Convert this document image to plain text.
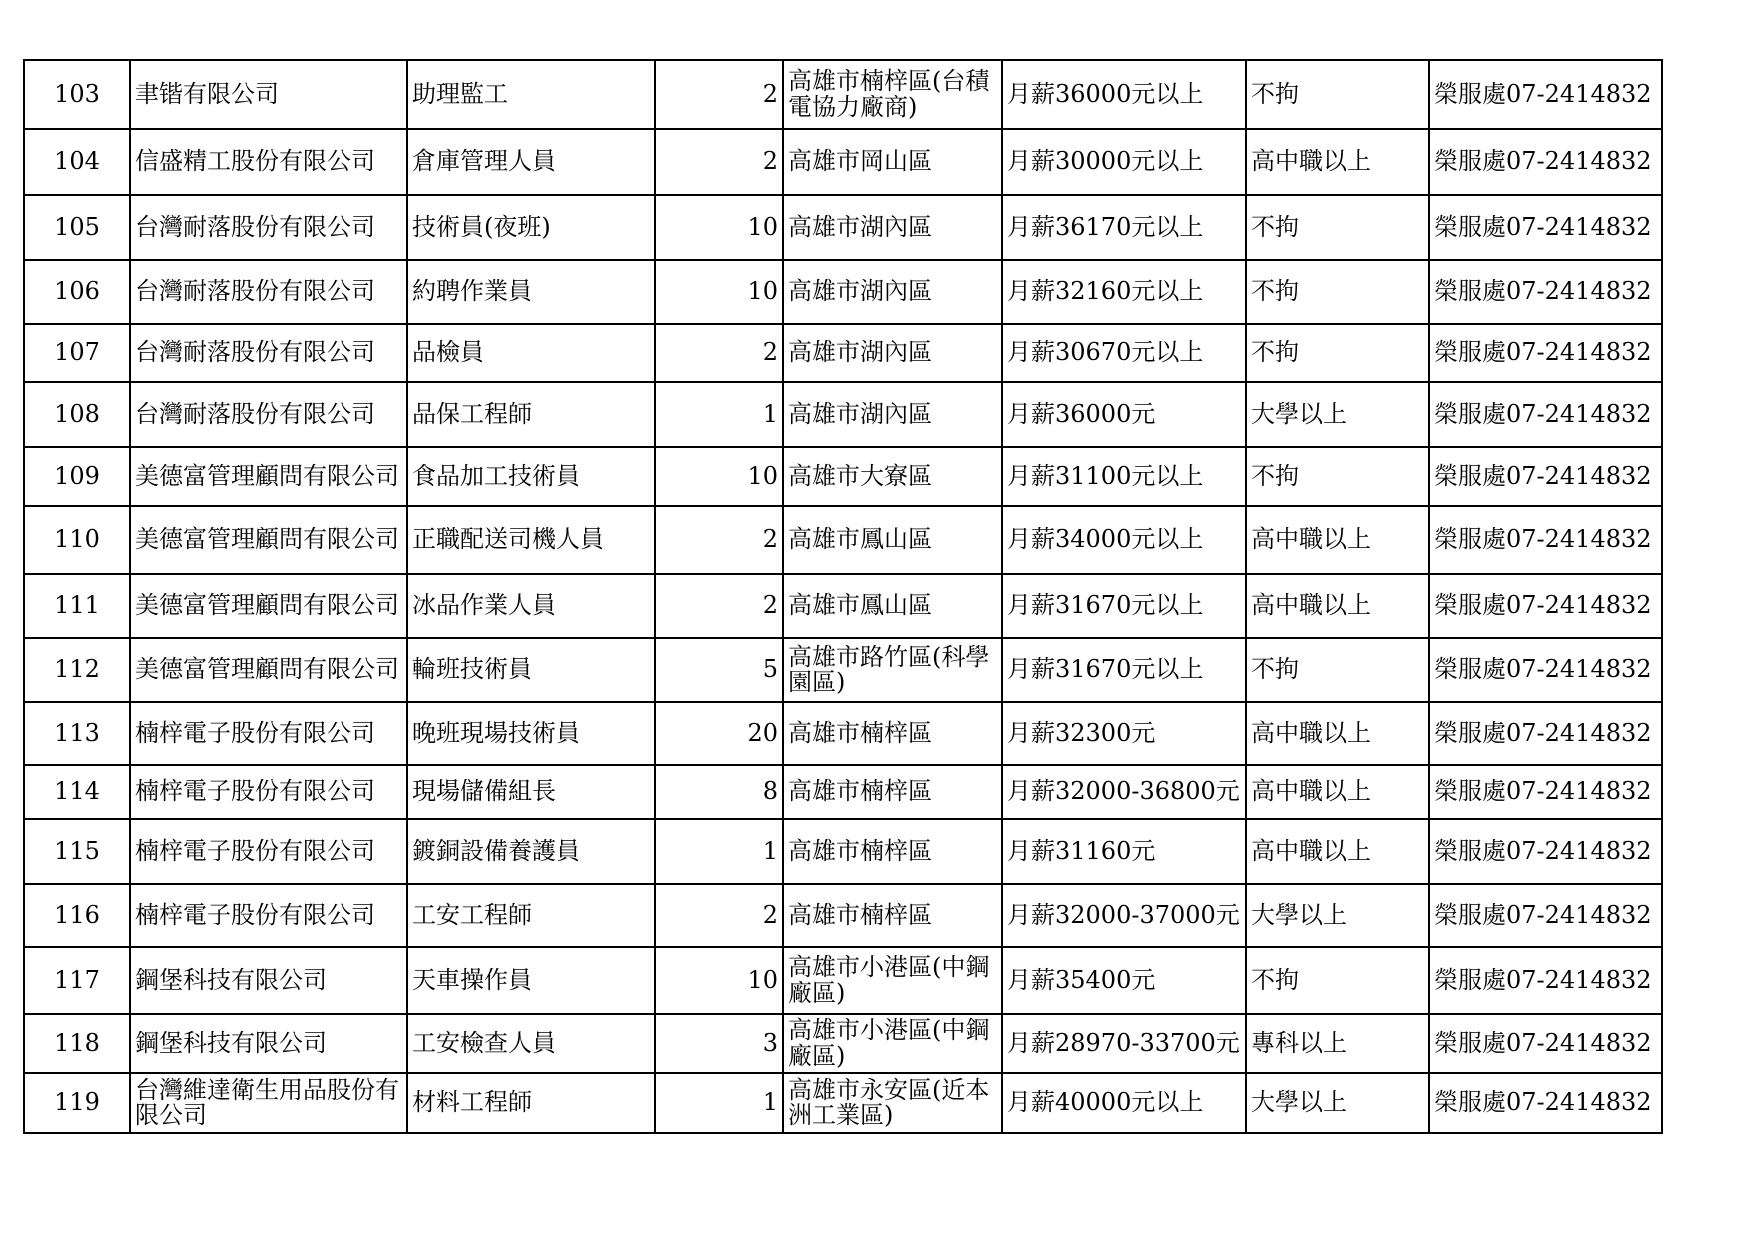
103	聿锴有限公司	助理監工	2	高雄市楠梓區(台積電協力廠商)	月薪36000元以上	不拘	榮服處07-2414832
104	信盛精工股份有限公司	倉庫管理人員	2	高雄市岡山區	月薪30000元以上	高中職以上	榮服處07-2414832
105	台灣耐落股份有限公司	技術員(夜班)	10	高雄市湖內區	月薪36170元以上	不拘	榮服處07-2414832
106	台灣耐落股份有限公司	約聘作業員	10	高雄市湖內區	月薪32160元以上	不拘	榮服處07-2414832
107	台灣耐落股份有限公司	品檢員	2	高雄市湖內區	月薪30670元以上	不拘	榮服處07-2414832
108	台灣耐落股份有限公司	品保工程師	1	高雄市湖內區	月薪36000元	大學以上	榮服處07-2414832
109	美德富管理顧問有限公司	食品加工技術員	10	高雄市大寮區	月薪31100元以上	不拘	榮服處07-2414832
110	美德富管理顧問有限公司	正職配送司機人員	2	高雄市鳳山區	月薪34000元以上	高中職以上	榮服處07-2414832
111	美德富管理顧問有限公司	冰品作業人員	2	高雄市鳳山區	月薪31670元以上	高中職以上	榮服處07-2414832
112	美德富管理顧問有限公司	輪班技術員	5	高雄市路竹區(科學園區)	月薪31670元以上	不拘	榮服處07-2414832
113	楠梓電子股份有限公司	晚班現場技術員	20	高雄市楠梓區	月薪32300元	高中職以上	榮服處07-2414832
114	楠梓電子股份有限公司	現場儲備組長	8	高雄市楠梓區	月薪32000-36800元	高中職以上	榮服處07-2414832
115	楠梓電子股份有限公司	鍍銅設備養護員	1	高雄市楠梓區	月薪31160元	高中職以上	榮服處07-2414832
116	楠梓電子股份有限公司	工安工程師	2	高雄市楠梓區	月薪32000-37000元	大學以上	榮服處07-2414832
117	鋼堡科技有限公司	天車操作員	10	高雄市小港區(中鋼廠區)	月薪35400元	不拘	榮服處07-2414832
118	鋼堡科技有限公司	工安檢查人員	3	高雄市小港區(中鋼廠區)	月薪28970-33700元	專科以上	榮服處07-2414832
119	台灣維達衛生用品股份有限公司	材料工程師	1	高雄市永安區(近本洲工業區)	月薪40000元以上	大學以上	榮服處07-2414832
